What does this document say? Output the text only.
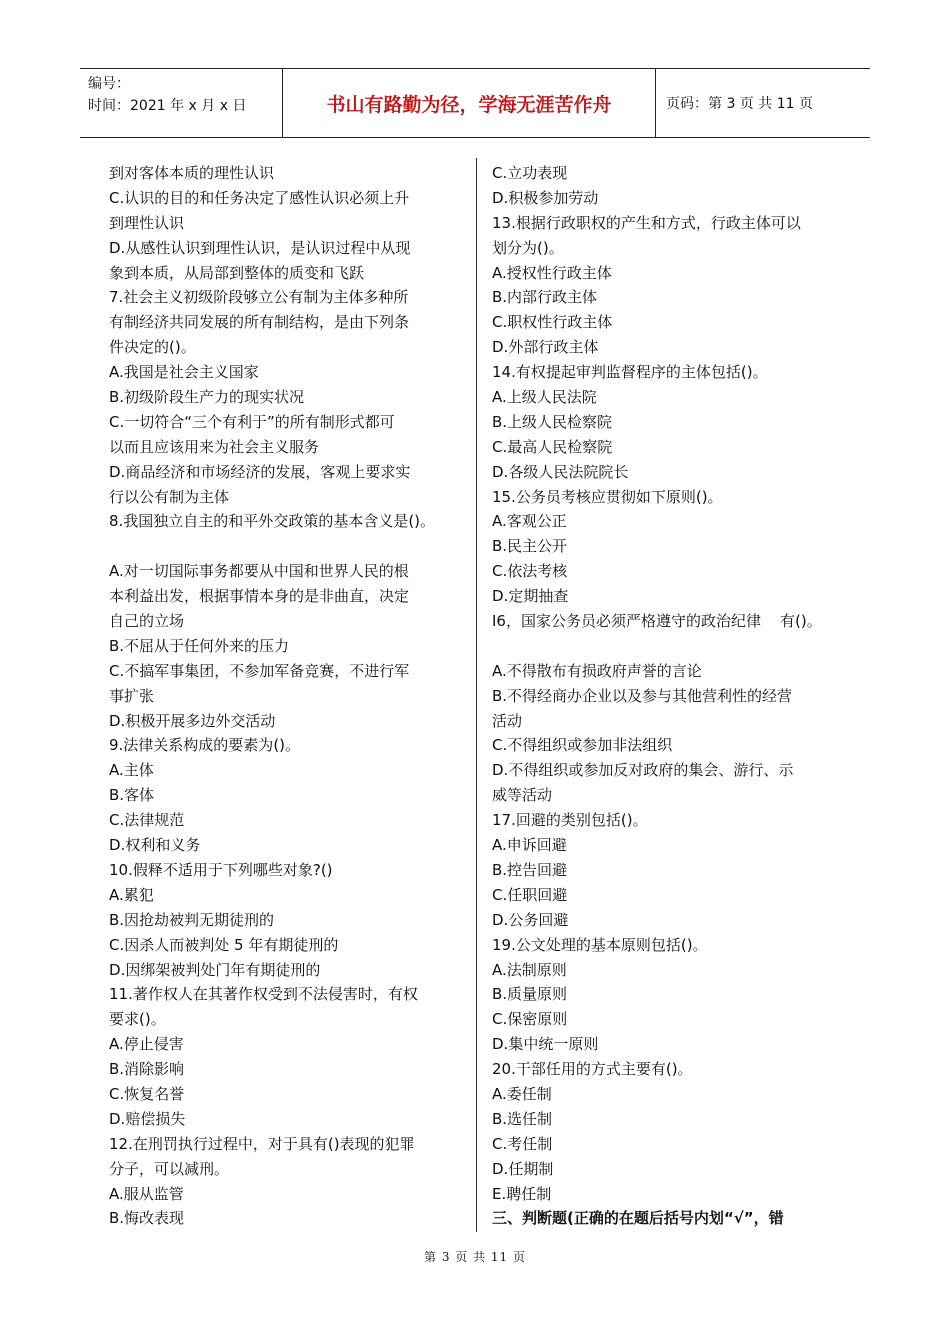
编号：
时间：2021 年 x 月 x 日	书山有路勤为径，学海无涯苦作舟	页码：第 3 页 共 11 页
到对客体本质的理性认识
C.认识的目的和任务决定了感性认识必须上升
到理性认识
D.从感性认识到理性认识，是认识过程中从现
象到本质，从局部到整体的质变和飞跃
7.社会主义初级阶段够立公有制为主体多种所
有制经济共同发展的所有制结构，是由下列条
件决定的()。
A.我国是社会主义国家
B.初级阶段生产力的现实状况
C.一切符合“三个有利于”的所有制形式都可
以而且应该用来为社会主义服务
D.商品经济和市场经济的发展，客观上要求实
行以公有制为主体
8.我国独立自主的和平外交政策的基本含义是()。
A.对一切国际事务都要从中国和世界人民的根
本利益出发，根据事情本身的是非曲直，决定
自己的立场
B.不屈从于任何外来的压力
C.不搞军事集团，不参加军备竞赛，不进行军
事扩张
D.积极开展多边外交活动
9.法律关系构成的要素为()。
A.主体
B.客体
C.法律规范
D.权利和义务
10.假释不适用于下列哪些对象?()
A.累犯
B.因抢劫被判无期徒刑的
C.因杀人而被判处 5 年有期徒刑的
D.因绑架被判处门年有期徒刑的
11.著作权人在其著作权受到不法侵害时，有权
要求()。
A.停止侵害
B.消除影响
C.恢复名誉
D.赔偿损失
12.在刑罚执行过程中，对于具有()表现的犯罪
分子，可以减刑。
A.服从监管
B.悔改表现
C.立功表现
D.积极参加劳动
13.根据行政职权的产生和方式，行政主体可以
划分为()。
A.授权性行政主体
B.内部行政主体
C.职权性行政主体
D.外部行政主体
14.有权提起审判监督程序的主体包括()。
A.上级人民法院
B.上级人民检察院
C.最高人民检察院
D.各级人民法院院长
15.公务员考核应贯彻如下原则()。
A.客观公正
B.民主公开
C.依法考核
D.定期抽查
I6，国家公务员必须严格遵守的政治纪律    有()。
A.不得散布有损政府声誉的言论
B.不得经商办企业以及参与其他营利性的经营
活动
C.不得组织或参加非法组织
D.不得组织或参加反对政府的集会、游行、示
威等活动
17.回避的类别包括()。
A.申诉回避
B.控告回避
C.任职回避
D.公务回避
19.公文处理的基本原则包括()。
A.法制原则
B.质量原则
C.保密原则
D.集中统一原则
20.干部任用的方式主要有()。
A.委任制
B.选任制
C.考任制
D.任期制
E.聘任制
三、判断题(正确的在题后括号内划“√”，错
第 3 页 共 11 页
